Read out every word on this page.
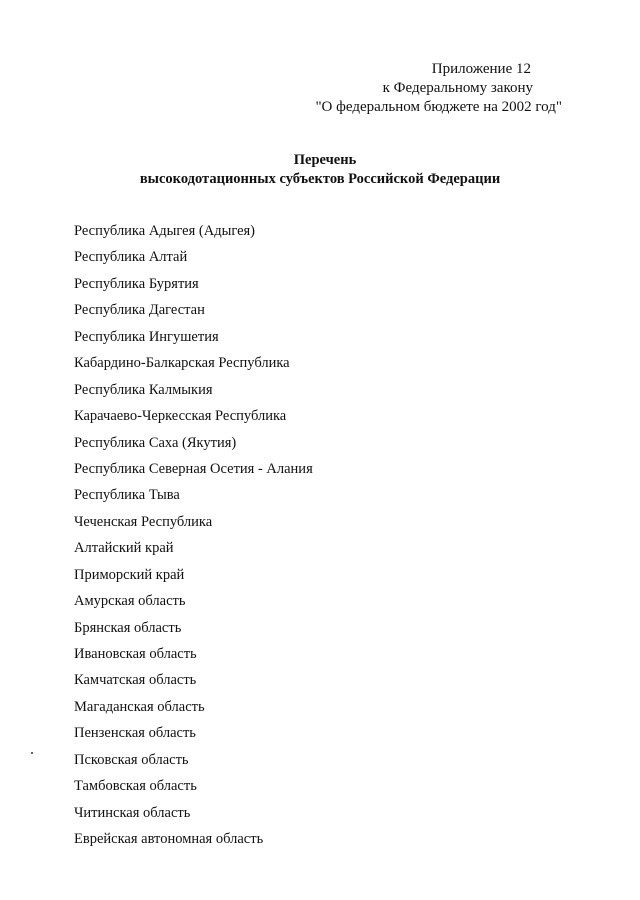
Приложение 12
к Федеральному закону
"О федеральном бюджете на 2002 год"
Перечень
высокодотационных субъектов Российской Федерации
Республика Адыгея (Адыгея)
Республика Алтай
Республика Бурятия
Республика Дагестан
Республика Ингушетия
Кабардино-Балкарская Республика
Республика Калмыкия
Карачаево-Черкесская Республика
Республика Саха (Якутия)
Республика Северная Осетия - Алания
Республика Тыва
Чеченская Республика
Алтайский край
Приморский край
Амурская область
Брянская область
Ивановская область
Камчатская область
Магаданская область
Пензенская область
Псковская область
Тамбовская область
Читинская область
Еврейская автономная область
